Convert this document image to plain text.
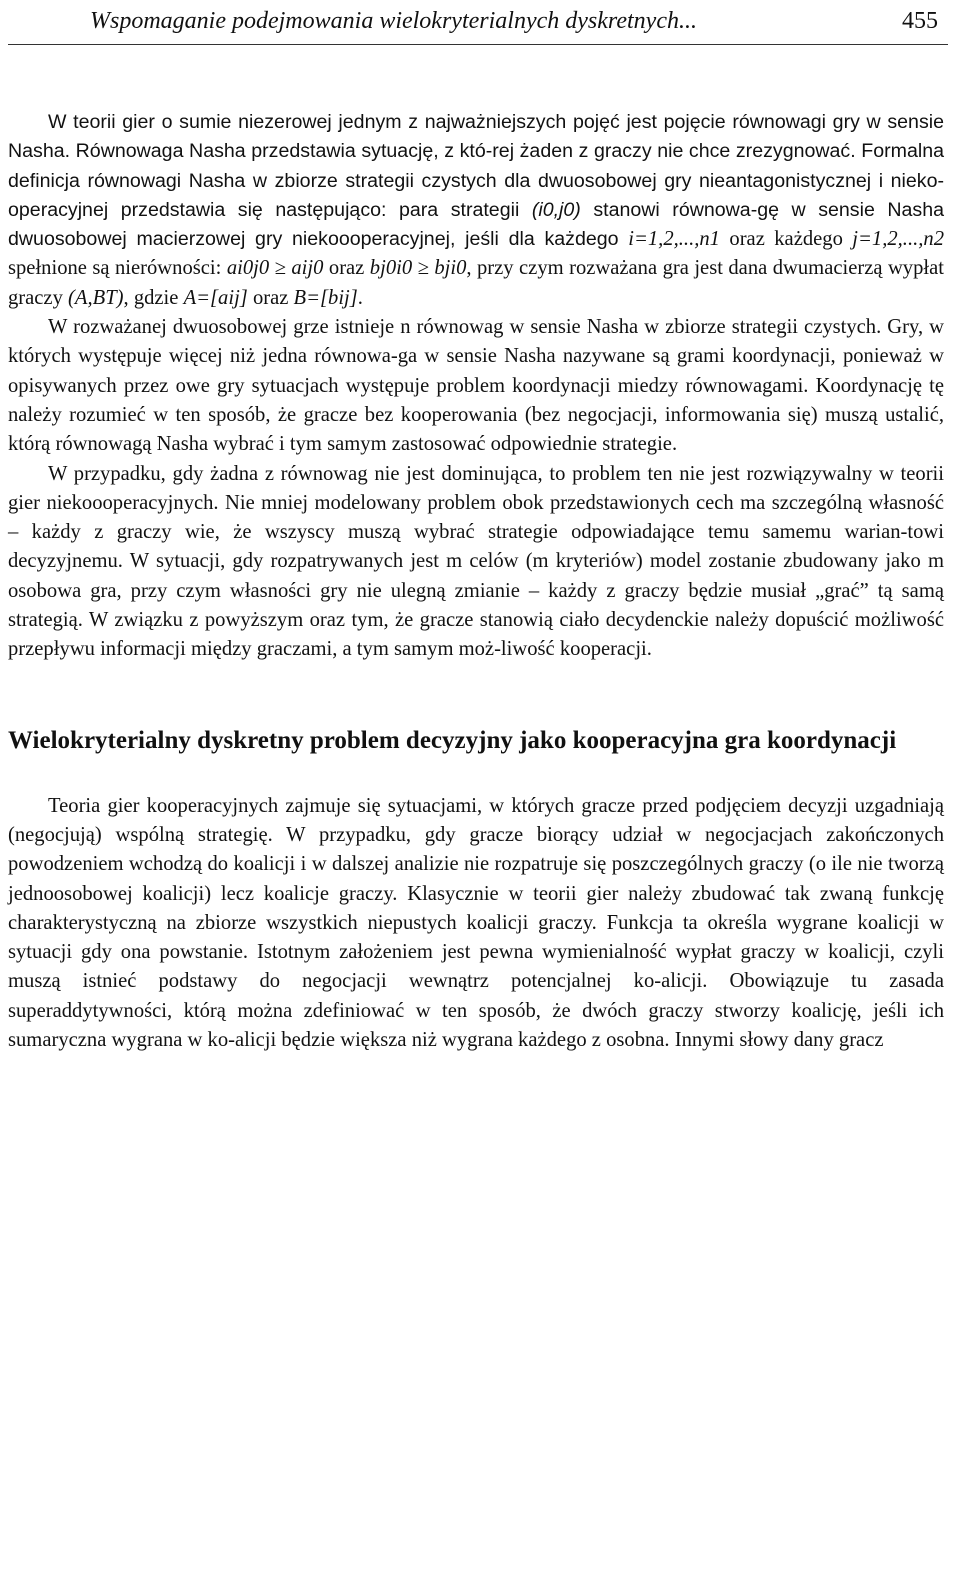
Wspomaganie podejmowania wielokryterialnych dyskretnych...	455

W teorii gier o sumie niezerowej jednym z najważniejszych pojęć jest pojęcie równowagi gry w sensie Nasha. Równowaga Nasha przedstawia sytuację, z któ-rej żaden z graczy nie chce zrezygnować. Formalna definicja równowagi Nasha w zbiorze strategii czystych dla dwuosobowej gry nieantagonistycznej i nieko-operacyjnej przedstawia się następująco: para strategii (i0,j0) stanowi równowa-gę w sensie Nasha dwuosobowej macierzowej gry niekoooperacyjnej, jeśli dla każdego i=1,2,...,n1 oraz każdego j=1,2,...,n2 spełnione są nierówności: ai0j0 ≥ aij0 oraz bj0i0 ≥ bji0, przy czym rozważana gra jest dana dwumacierzą wypłat graczy (A,BT), gdzie A=[aij] oraz B=[bij].

W rozważanej dwuosobowej grze istnieje n równowag w sensie Nasha w zbiorze strategii czystych. Gry, w których występuje więcej niż jedna równowa-ga w sensie Nasha nazywane są grami koordynacji, ponieważ w opisywanych przez owe gry sytuacjach występuje problem koordynacji miedzy równowagami. Koordynację tę należy rozumieć w ten sposób, że gracze bez kooperowania (bez negocjacji, informowania się) muszą ustalić, którą równowagą Nasha wybrać i tym samym zastosować odpowiednie strategie.

W przypadku, gdy żadna z równowag nie jest dominująca, to problem ten nie jest rozwiązywalny w teorii gier niekoooperacyjnych. Nie mniej modelowany problem obok przedstawionych cech ma szczególną własność – każdy z graczy wie, że wszyscy muszą wybrać strategie odpowiadające temu samemu warian-towi decyzyjnemu. W sytuacji, gdy rozpatrywanych jest m celów (m kryteriów) model zostanie zbudowany jako m osobowa gra, przy czym własności gry nie ulegną zmianie – każdy z graczy będzie musiał „grać” tą samą strategią. W związku z powyższym oraz tym, że gracze stanowią ciało decydenckie należy dopuścić możliwość przepływu informacji między graczami, a tym samym moż-liwość kooperacji.

Wielokryterialny dyskretny problem decyzyjny jako kooperacyjna gra koordynacji

Teoria gier kooperacyjnych zajmuje się sytuacjami, w których gracze przed podjęciem decyzji uzgadniają (negocjują) wspólną strategię. W przypadku, gdy gracze biorący udział w negocjacjach zakończonych powodzeniem wchodzą do koalicji i w dalszej analizie nie rozpatruje się poszczególnych graczy (o ile nie tworzą jednoosobowej koalicji) lecz koalicje graczy. Klasycznie w teorii gier należy zbudować tak zwaną funkcję charakterystyczną na zbiorze wszystkich niepustych koalicji graczy. Funkcja ta określa wygrane koalicji w sytuacji gdy ona powstanie. Istotnym założeniem jest pewna wymienialność wypłat graczy w koalicji, czyli muszą istnieć podstawy do negocjacji wewnątrz potencjalnej ko-alicji. Obowiązuje tu zasada superaddytywności, którą można zdefiniować w ten sposób, że dwóch graczy stworzy koalicję, jeśli ich sumaryczna wygrana w ko-alicji będzie większa niż wygrana każdego z osobna. Innymi słowy dany gracz
